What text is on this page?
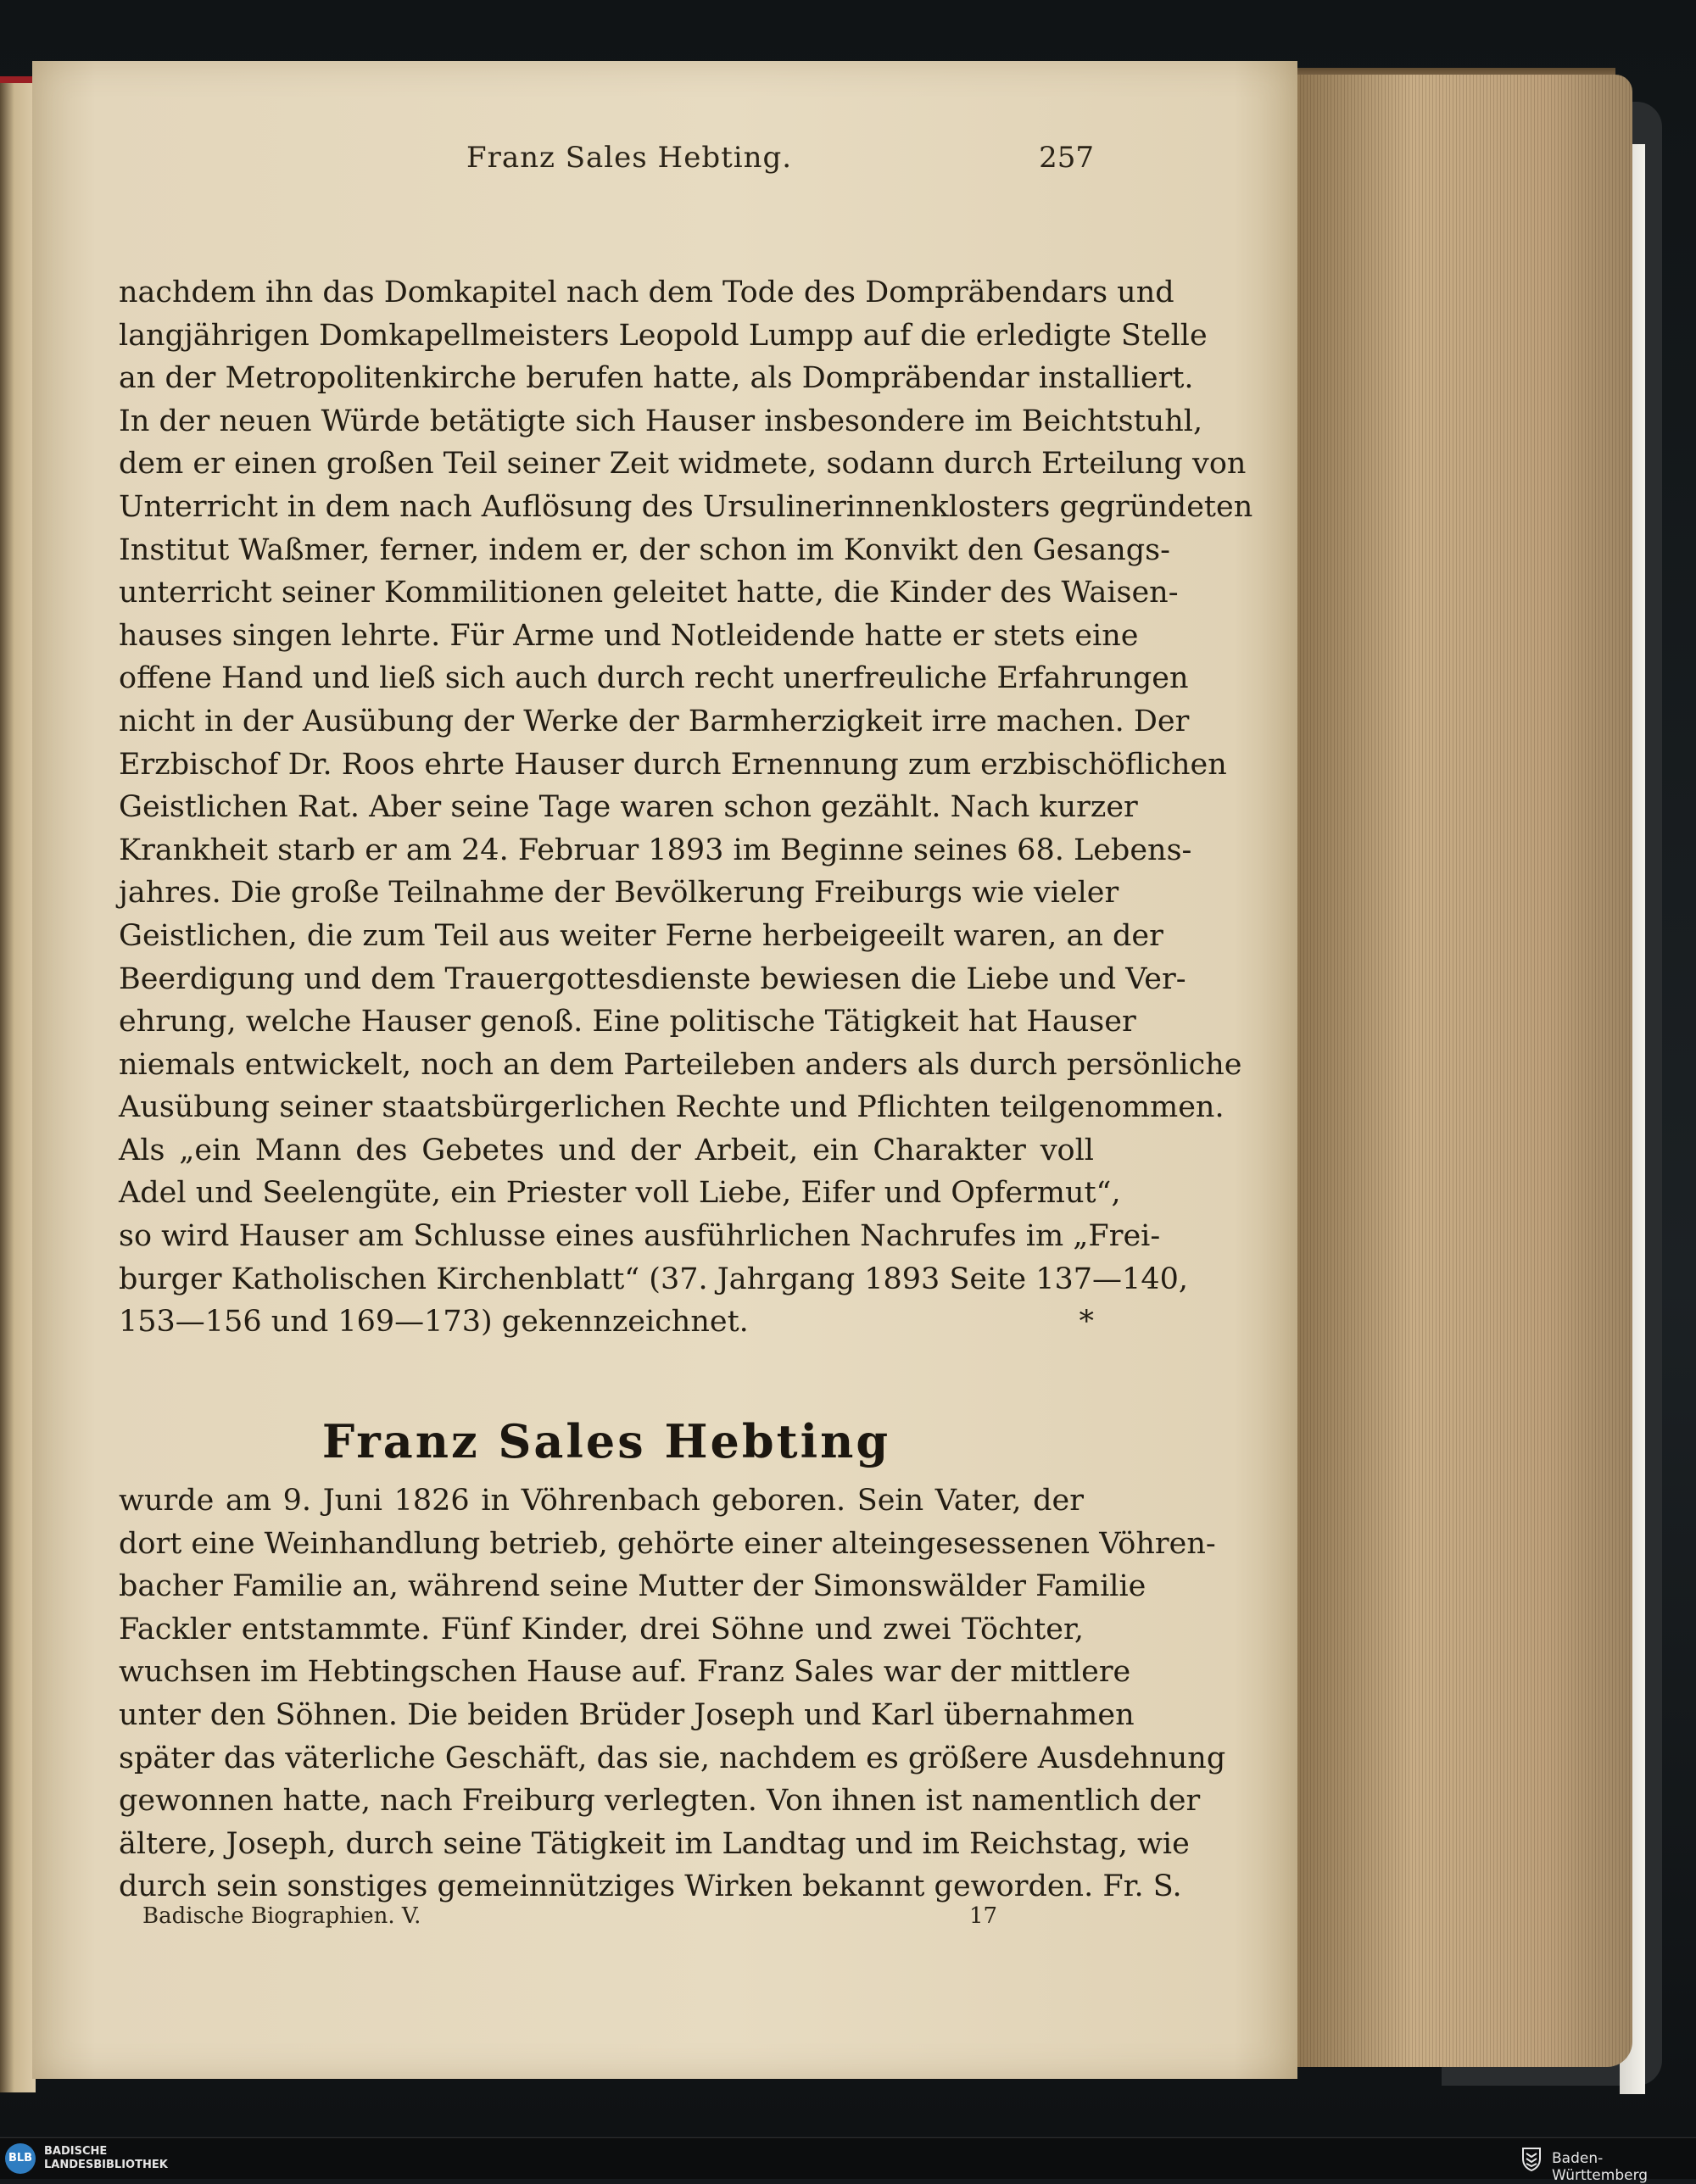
Franz Sales Hebting.	257
nachdem ihn das Domkapitel nach dem Tode des Dompräbendars und
langjährigen Domkapellmeisters Leopold Lumpp auf die erledigte Stelle
an der Metropolitenkirche berufen hatte, als Dompräbendar installiert.
In der neuen Würde betätigte sich Hauser insbesondere im Beichtstuhl,
dem er einen großen Teil seiner Zeit widmete, sodann durch Erteilung von
Unterricht in dem nach Auflösung des Ursulinerinnenklosters gegründeten
Institut Waßmer, ferner, indem er, der schon im Konvikt den Gesangs-
unterricht seiner Kommilitionen geleitet hatte, die Kinder des Waisen-
hauses singen lehrte. Für Arme und Notleidende hatte er stets eine
offene Hand und ließ sich auch durch recht unerfreuliche Erfahrungen
nicht in der Ausübung der Werke der Barmherzigkeit irre machen. Der
Erzbischof Dr. Roos ehrte Hauser durch Ernennung zum erzbischöflichen
Geistlichen Rat. Aber seine Tage waren schon gezählt. Nach kurzer
Krankheit starb er am 24. Februar 1893 im Beginne seines 68. Lebens-
jahres. Die große Teilnahme der Bevölkerung Freiburgs wie vieler
Geistlichen, die zum Teil aus weiter Ferne herbeigeeilt waren, an der
Beerdigung und dem Trauergottesdienste bewiesen die Liebe und Ver-
ehrung, welche Hauser genoß. Eine politische Tätigkeit hat Hauser
niemals entwickelt, noch an dem Parteileben anders als durch persönliche
Ausübung seiner staatsbürgerlichen Rechte und Pflichten teilgenommen.
Als „ein Mann des Gebetes und der Arbeit, ein Charakter voll
Adel und Seelengüte, ein Priester voll Liebe, Eifer und Opfermut“,
so wird Hauser am Schlusse eines ausführlichen Nachrufes im „Frei-
burger Katholischen Kirchenblatt“ (37. Jahrgang 1893 Seite 137—140,
153—156 und 169—173) gekennzeichnet.	*
Franz Sales Hebting
wurde am 9. Juni 1826 in Vöhrenbach geboren. Sein Vater, der
dort eine Weinhandlung betrieb, gehörte einer alteingesessenen Vöhren-
bacher Familie an, während seine Mutter der Simonswälder Familie
Fackler entstammte. Fünf Kinder, drei Söhne und zwei Töchter,
wuchsen im Hebtingschen Hause auf. Franz Sales war der mittlere
unter den Söhnen. Die beiden Brüder Joseph und Karl übernahmen
später das väterliche Geschäft, das sie, nachdem es größere Ausdehnung
gewonnen hatte, nach Freiburg verlegten. Von ihnen ist namentlich der
ältere, Joseph, durch seine Tätigkeit im Landtag und im Reichstag, wie
durch sein sonstiges gemeinnütziges Wirken bekannt geworden. Fr. S.
Badische Biographien. V.	17
BLB
BADISCHE
LANDESBIBLIOTHEK	Baden-Württemberg
